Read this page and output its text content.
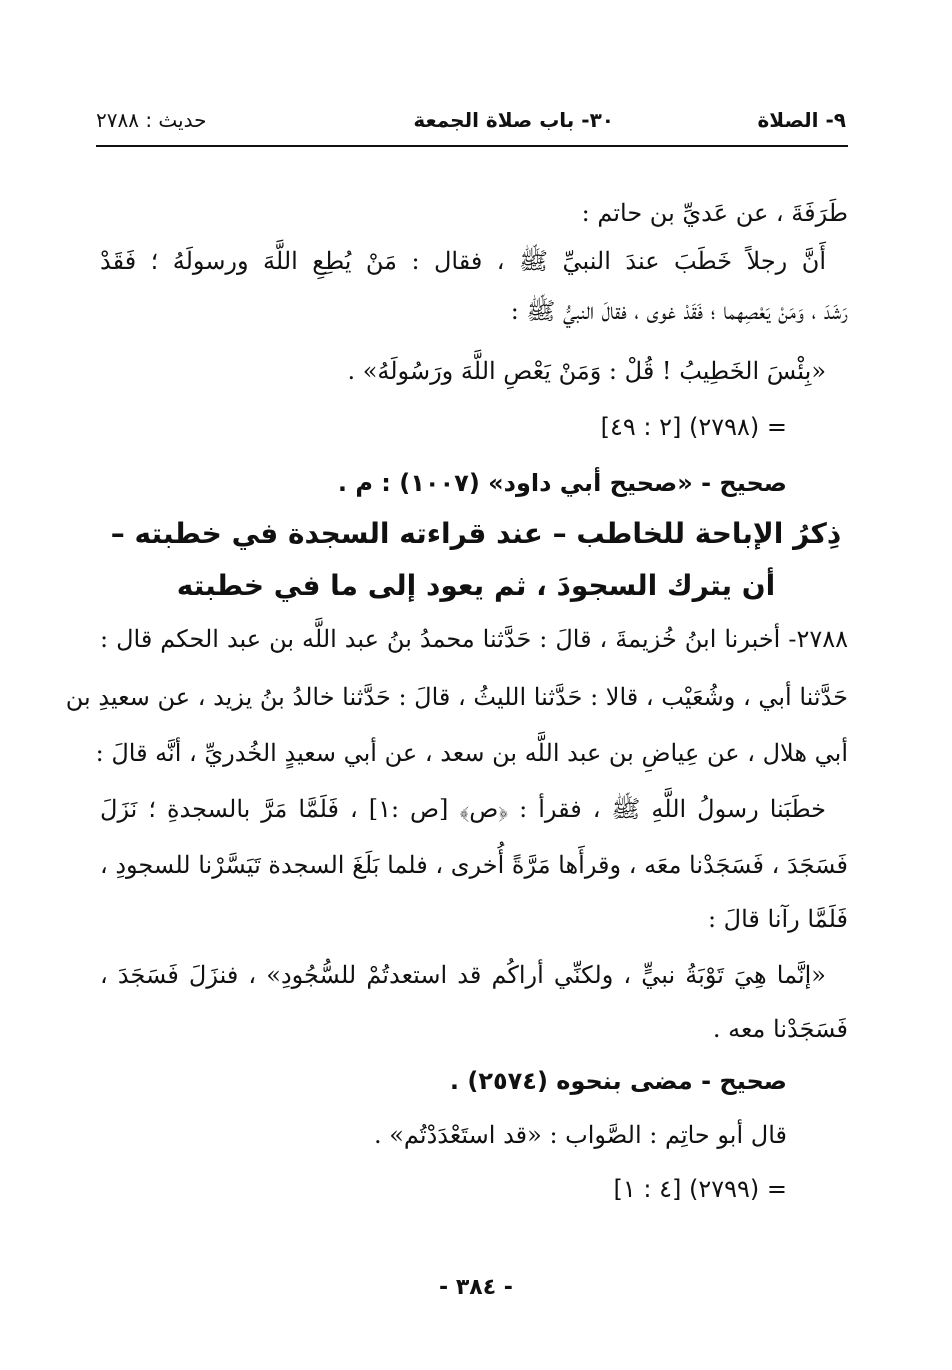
٩- الصلاة
٣٠- باب صلاة الجمعة
حديث : ٢٧٨٨
طَرَفَةَ ، عن عَديِّ بن حاتم :
أَنَّ رجلاً خَطَبَ عندَ النبيِّ ﷺ ، فقال : مَنْ يُطِعِ اللَّهَ ورسولَهُ ؛ فَقَدْ
رَشَدَ ، وَمَنْ يَعْصِهما ؛ فَقَدْ غوى ، فقالَ النبيُّ ﷺ :
«بِئْسَ الخَطِيبُ ! قُلْ : وَمَنْ يَعْصِ اللَّهَ ورَسُولَهُ» .
= (٢٧٩٨) [٢ : ٤٩]
صحيح - «صحيح أبي داود» (١٠٠٧) : م .
ذِكرُ الإباحة للخاطب – عند قراءته السجدة في خطبته –
أن يترك السجودَ ، ثم يعود إلى ما في خطبته
٢٧٨٨- أخبرنا ابنُ خُزيمةَ ، قالَ : حَدَّثنا محمدُ بنُ عبد اللَّه بن عبد الحكم قال :
حَدَّثنا أبي ، وشُعَيْب ، قالا : حَدَّثنا الليثُ ، قالَ : حَدَّثنا خالدُ بنُ يزيد ، عن سعيدِ بن
أبي هلال ، عن عِياضِ بن عبد اللَّه بن سعد ، عن أبي سعيدٍ الخُدريِّ ، أنَّه قالَ :
خطَبَنا رسولُ اللَّهِ ﷺ ، فقرأ : ﴿ص﴾ [ص :١] ، فَلَمَّا مَرَّ بالسجدةِ ؛ نَزَلَ
فَسَجَدَ ، فَسَجَدْنا معَه ، وقرأَها مَرَّةً أُخرى ، فلما بَلَغَ السجدة تَيَسَّرْنا للسجودِ ،
فَلَمَّا رآنا قالَ :
«إنَّما هِيَ تَوْبَةُ نبيٍّ ، ولكنِّي أراكُم قد استعدتُمْ للسُّجُودِ» ، فنزَلَ فَسَجَدَ ،
فَسَجَدْنا معه .
صحيح - مضى بنحوه (٢٥٧٤) .
قال أبو حاتِم : الصَّواب : «قد استَعْدَدْتُم» .
= (٢٧٩٩) [٤ : ١]
- ٣٨٤ -
